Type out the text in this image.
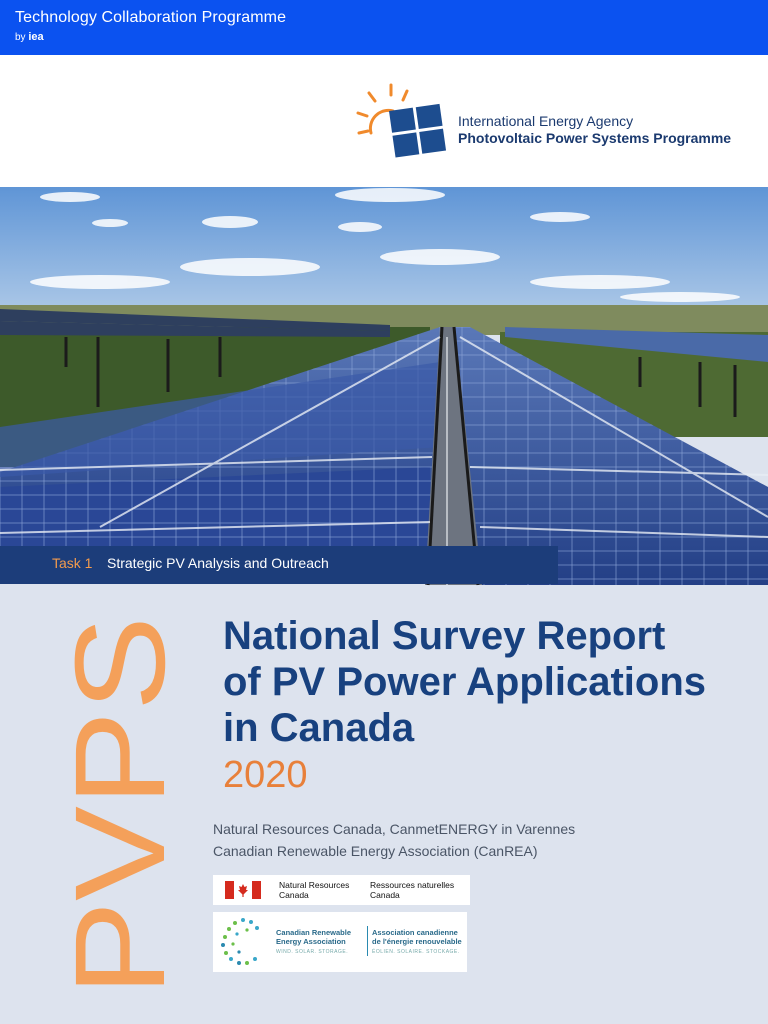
Technology Collaboration Programme
by iea
International Energy Agency
Photovoltaic Power Systems Programme
Task 1 Strategic PV Analysis and Outreach
PVPS
National Survey Report
of PV Power Applications
in Canada
2020
Natural Resources Canada, CanmetENERGY in Varennes
Canadian Renewable Energy Association (CanREA)
Natural Resources
Canada
Ressources naturelles
Canada
Canadian Renewable
Energy Association
WIND. SOLAR. STORAGE.
Association canadienne
de l'énergie renouvelable
ÉOLIEN. SOLAIRE. STOCKAGE.
